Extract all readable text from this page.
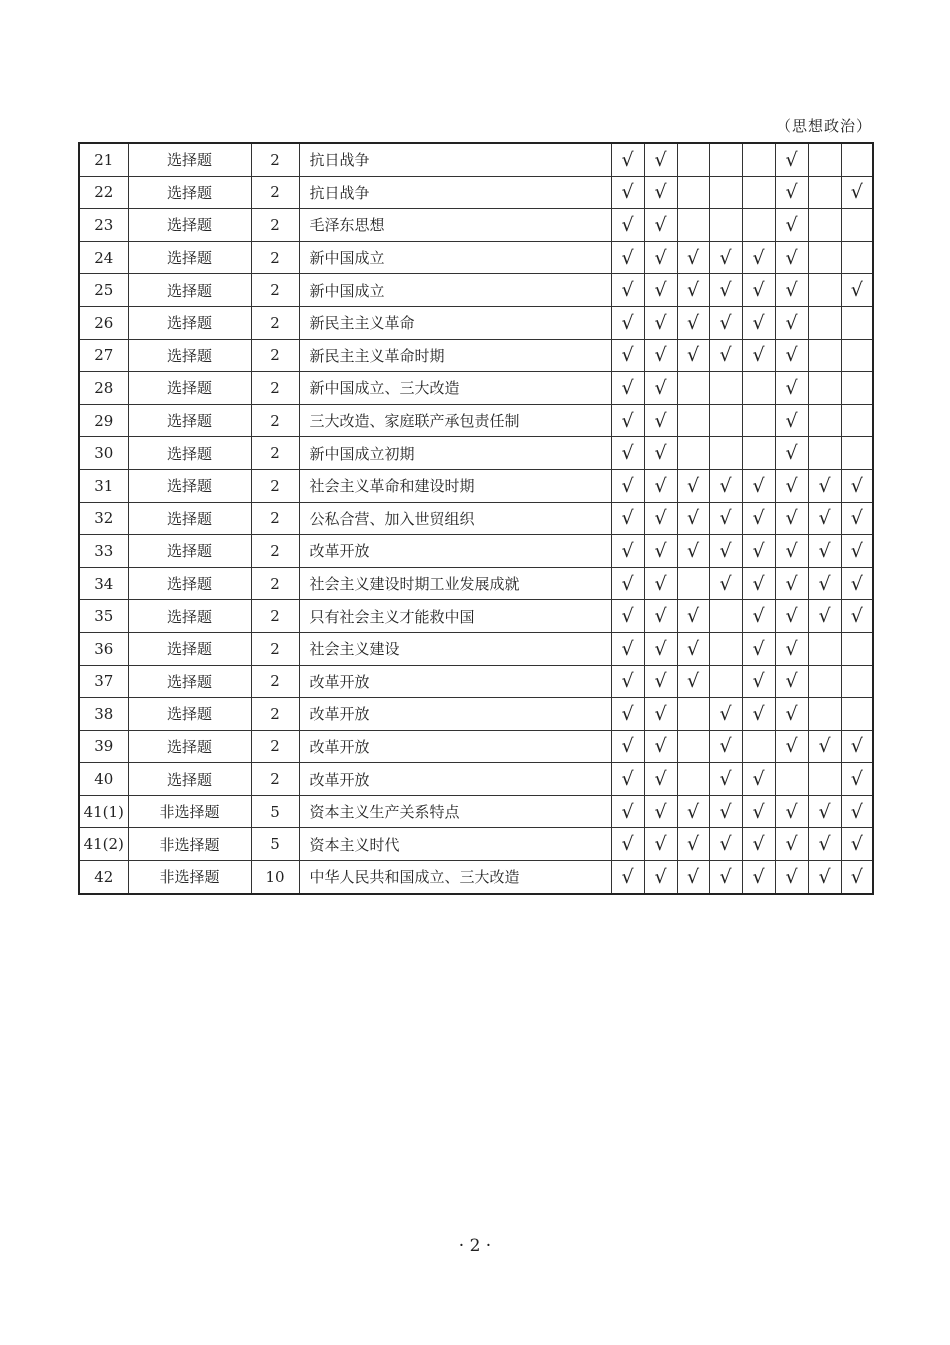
（思想政治）
21	选择题	2	抗日战争	√	√				√		
22	选择题	2	抗日战争	√	√				√		√
23	选择题	2	毛泽东思想	√	√				√		
24	选择题	2	新中国成立	√	√	√	√	√	√		
25	选择题	2	新中国成立	√	√	√	√	√	√		√
26	选择题	2	新民主主义革命	√	√	√	√	√	√		
27	选择题	2	新民主主义革命时期	√	√	√	√	√	√		
28	选择题	2	新中国成立、三大改造	√	√				√		
29	选择题	2	三大改造、家庭联产承包责任制	√	√				√		
30	选择题	2	新中国成立初期	√	√				√		
31	选择题	2	社会主义革命和建设时期	√	√	√	√	√	√	√	√
32	选择题	2	公私合营、加入世贸组织	√	√	√	√	√	√	√	√
33	选择题	2	改革开放	√	√	√	√	√	√	√	√
34	选择题	2	社会主义建设时期工业发展成就	√	√		√	√	√	√	√
35	选择题	2	只有社会主义才能救中国	√	√	√		√	√	√	√
36	选择题	2	社会主义建设	√	√	√		√	√		
37	选择题	2	改革开放	√	√	√		√	√		
38	选择题	2	改革开放	√	√		√	√	√		
39	选择题	2	改革开放	√	√		√		√	√	√
40	选择题	2	改革开放	√	√		√	√			√
41(1)	非选择题	5	资本主义生产关系特点	√	√	√	√	√	√	√	√
41(2)	非选择题	5	资本主义时代	√	√	√	√	√	√	√	√
42	非选择题	10	中华人民共和国成立、三大改造	√	√	√	√	√	√	√	√
· 2 ·
